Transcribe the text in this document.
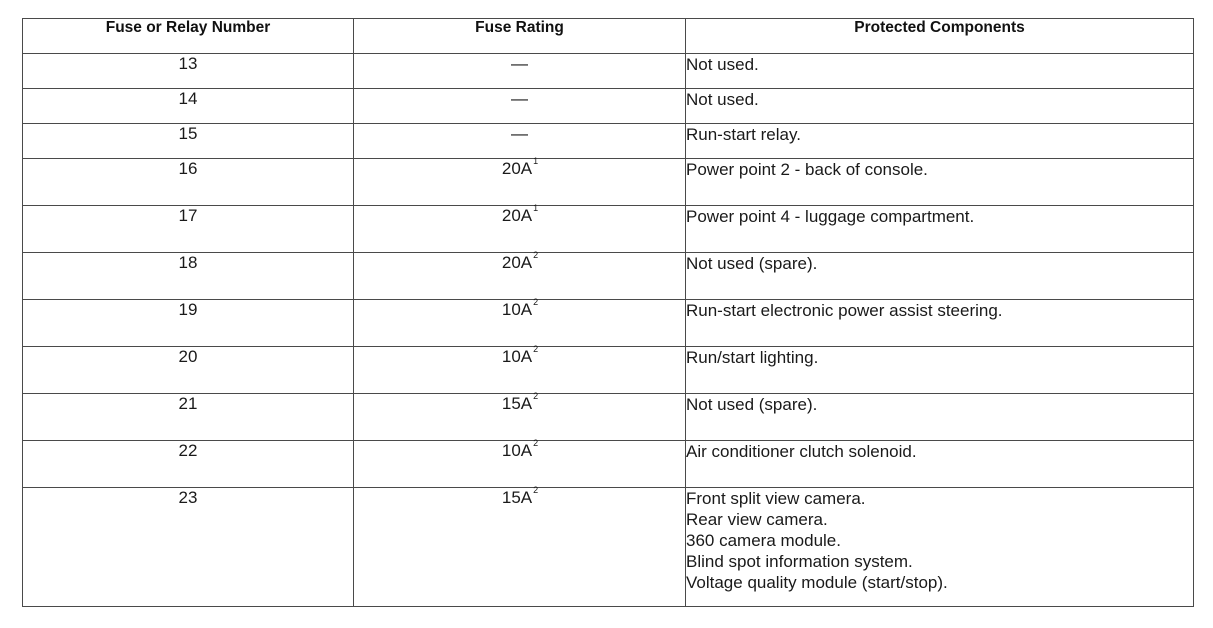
Fuse or Relay Number	Fuse Rating	Protected Components
13	—	Not used.

14	—	Not used.

15	—	Run-start relay.

16	$20A^1$	Power point 2 - back of console.

17	$20A^1$	Power point 4 - luggage compartment.

18	$20A^2$	Not used (spare).

19	$10A^2$	Run-start electronic power assist steering.

20	$10A^2$	Run/start lighting.

21	$15A^2$	Not used (spare).

22	$10A^2$	Air conditioner clutch solenoid.

23	$15A^2$	Front split view camera.
Rear view camera.
360 camera module.
Blind spot information system.
Voltage quality module (start/stop).
